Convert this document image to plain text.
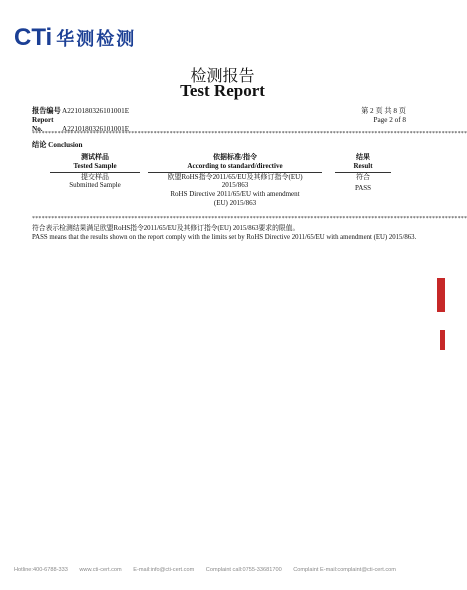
CTi 华测检测
检测报告
Test Report
报告编号A2210180326101001E
Report No.	A2210180326101001E
第 2 页 共 8 页
Page 2 of 8
****************************************************************************************************************************************
结论 Conclusion
测试样品
Tested Sample
提交样品
Submitted Sample
依据标准/指令
According to standard/directive
欧盟RoHS指令2011/65/EU及其修订指令(EU)
2015/863
RoHS Directive 2011/65/EU with amendment
(EU) 2015/863
结果
Result
符合
PASS
****************************************************************************************************************************************
符合表示检测结果满足欧盟RoHS指令2011/65/EU及其修订指令(EU) 2015/863要求的限值。
PASS means that the results shown on the report comply with the limits set by RoHS Directive 2011/65/EU with amendment (EU) 2015/863.
Hotline:400-6788-333 www.cti-cert.com E-mail:info@cti-cert.com Complaint call:0755-33681700 Complaint E-mail:complaint@cti-cert.com
